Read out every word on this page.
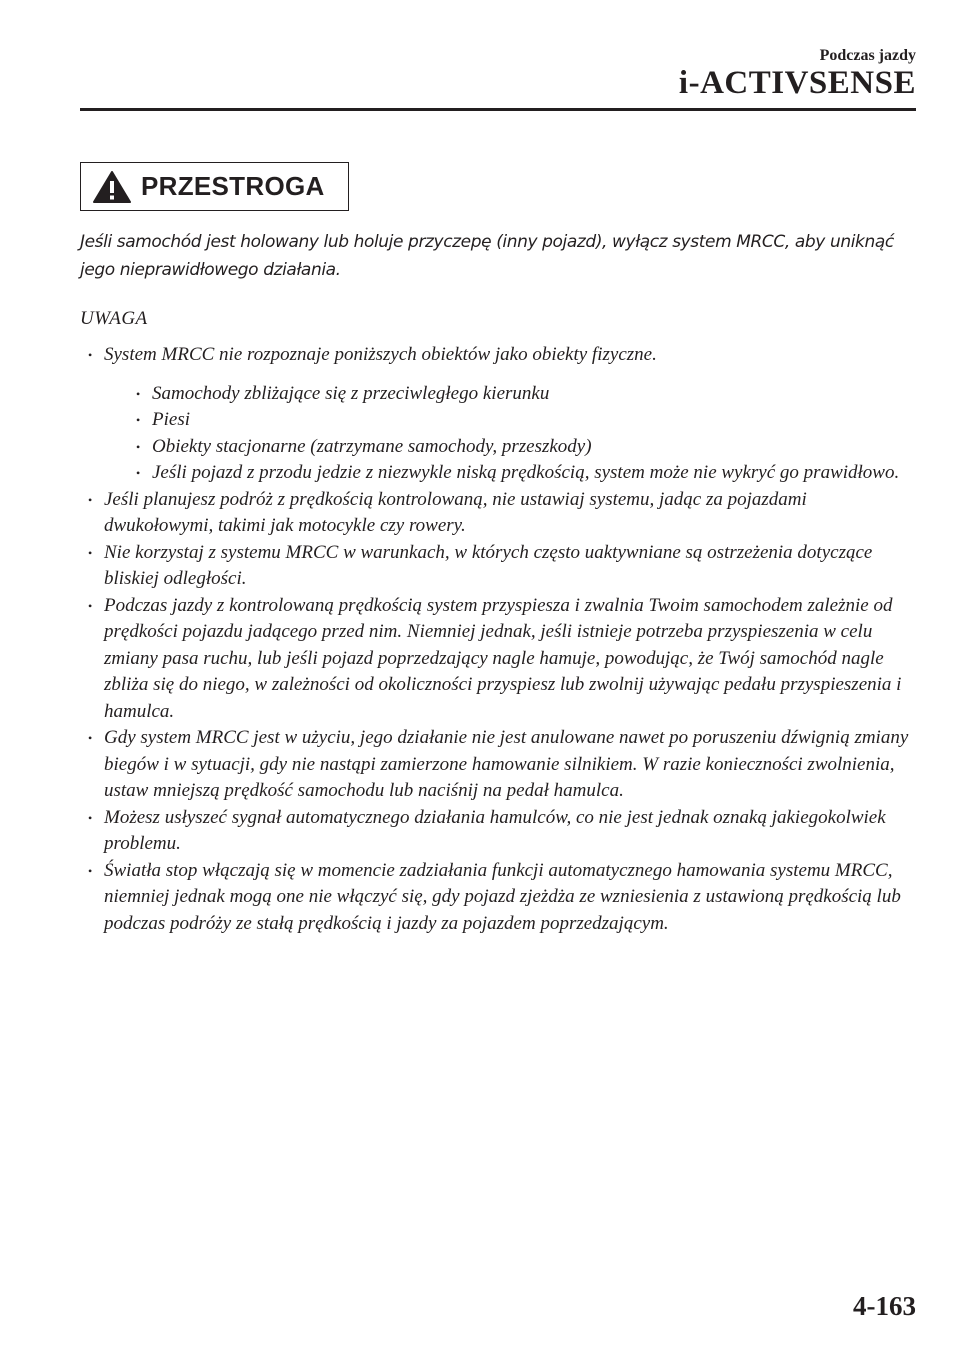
Podczas jazdy
i-ACTIVSENSE
PRZESTROGA
Jeśli samochód jest holowany lub holuje przyczepę (inny pojazd), wyłącz system MRCC, aby uniknąć jego nieprawidłowego działania.
UWAGA
• System MRCC nie rozpoznaje poniższych obiektów jako obiekty fizyczne.
• Samochody zbliżające się z przeciwległego kierunku
• Piesi
• Obiekty stacjonarne (zatrzymane samochody, przeszkody)
• Jeśli pojazd z przodu jedzie z niezwykle niską prędkością, system może nie wykryć go prawidłowo.
• Jeśli planujesz podróż z prędkością kontrolowaną, nie ustawiaj systemu, jadąc za pojazdami dwukołowymi, takimi jak motocykle czy rowery.
• Nie korzystaj z systemu MRCC w warunkach, w których często uaktywniane są ostrzeżenia dotyczące bliskiej odległości.
• Podczas jazdy z kontrolowaną prędkością system przyspiesza i zwalnia Twoim samochodem zależnie od prędkości pojazdu jadącego przed nim. Niemniej jednak, jeśli istnieje potrzeba przyspieszenia w celu zmiany pasa ruchu, lub jeśli pojazd poprzedzający nagle hamuje, powodując, że Twój samochód nagle zbliża się do niego, w zależności od okoliczności przyspiesz lub zwolnij używając pedału przyspieszenia i hamulca.
• Gdy system MRCC jest w użyciu, jego działanie nie jest anulowane nawet po poruszeniu dźwignią zmiany biegów i w sytuacji, gdy nie nastąpi zamierzone hamowanie silnikiem. W razie konieczności zwolnienia, ustaw mniejszą prędkość samochodu lub naciśnij na pedał hamulca.
• Możesz usłyszeć sygnał automatycznego działania hamulców, co nie jest jednak oznaką jakiegokolwiek problemu.
• Światła stop włączają się w momencie zadziałania funkcji automatycznego hamowania systemu MRCC, niemniej jednak mogą one nie włączyć się, gdy pojazd zjeżdża ze wzniesienia z ustawioną prędkością lub podczas podróży ze stałą prędkością i jazdy za pojazdem poprzedzającym.
4-163
